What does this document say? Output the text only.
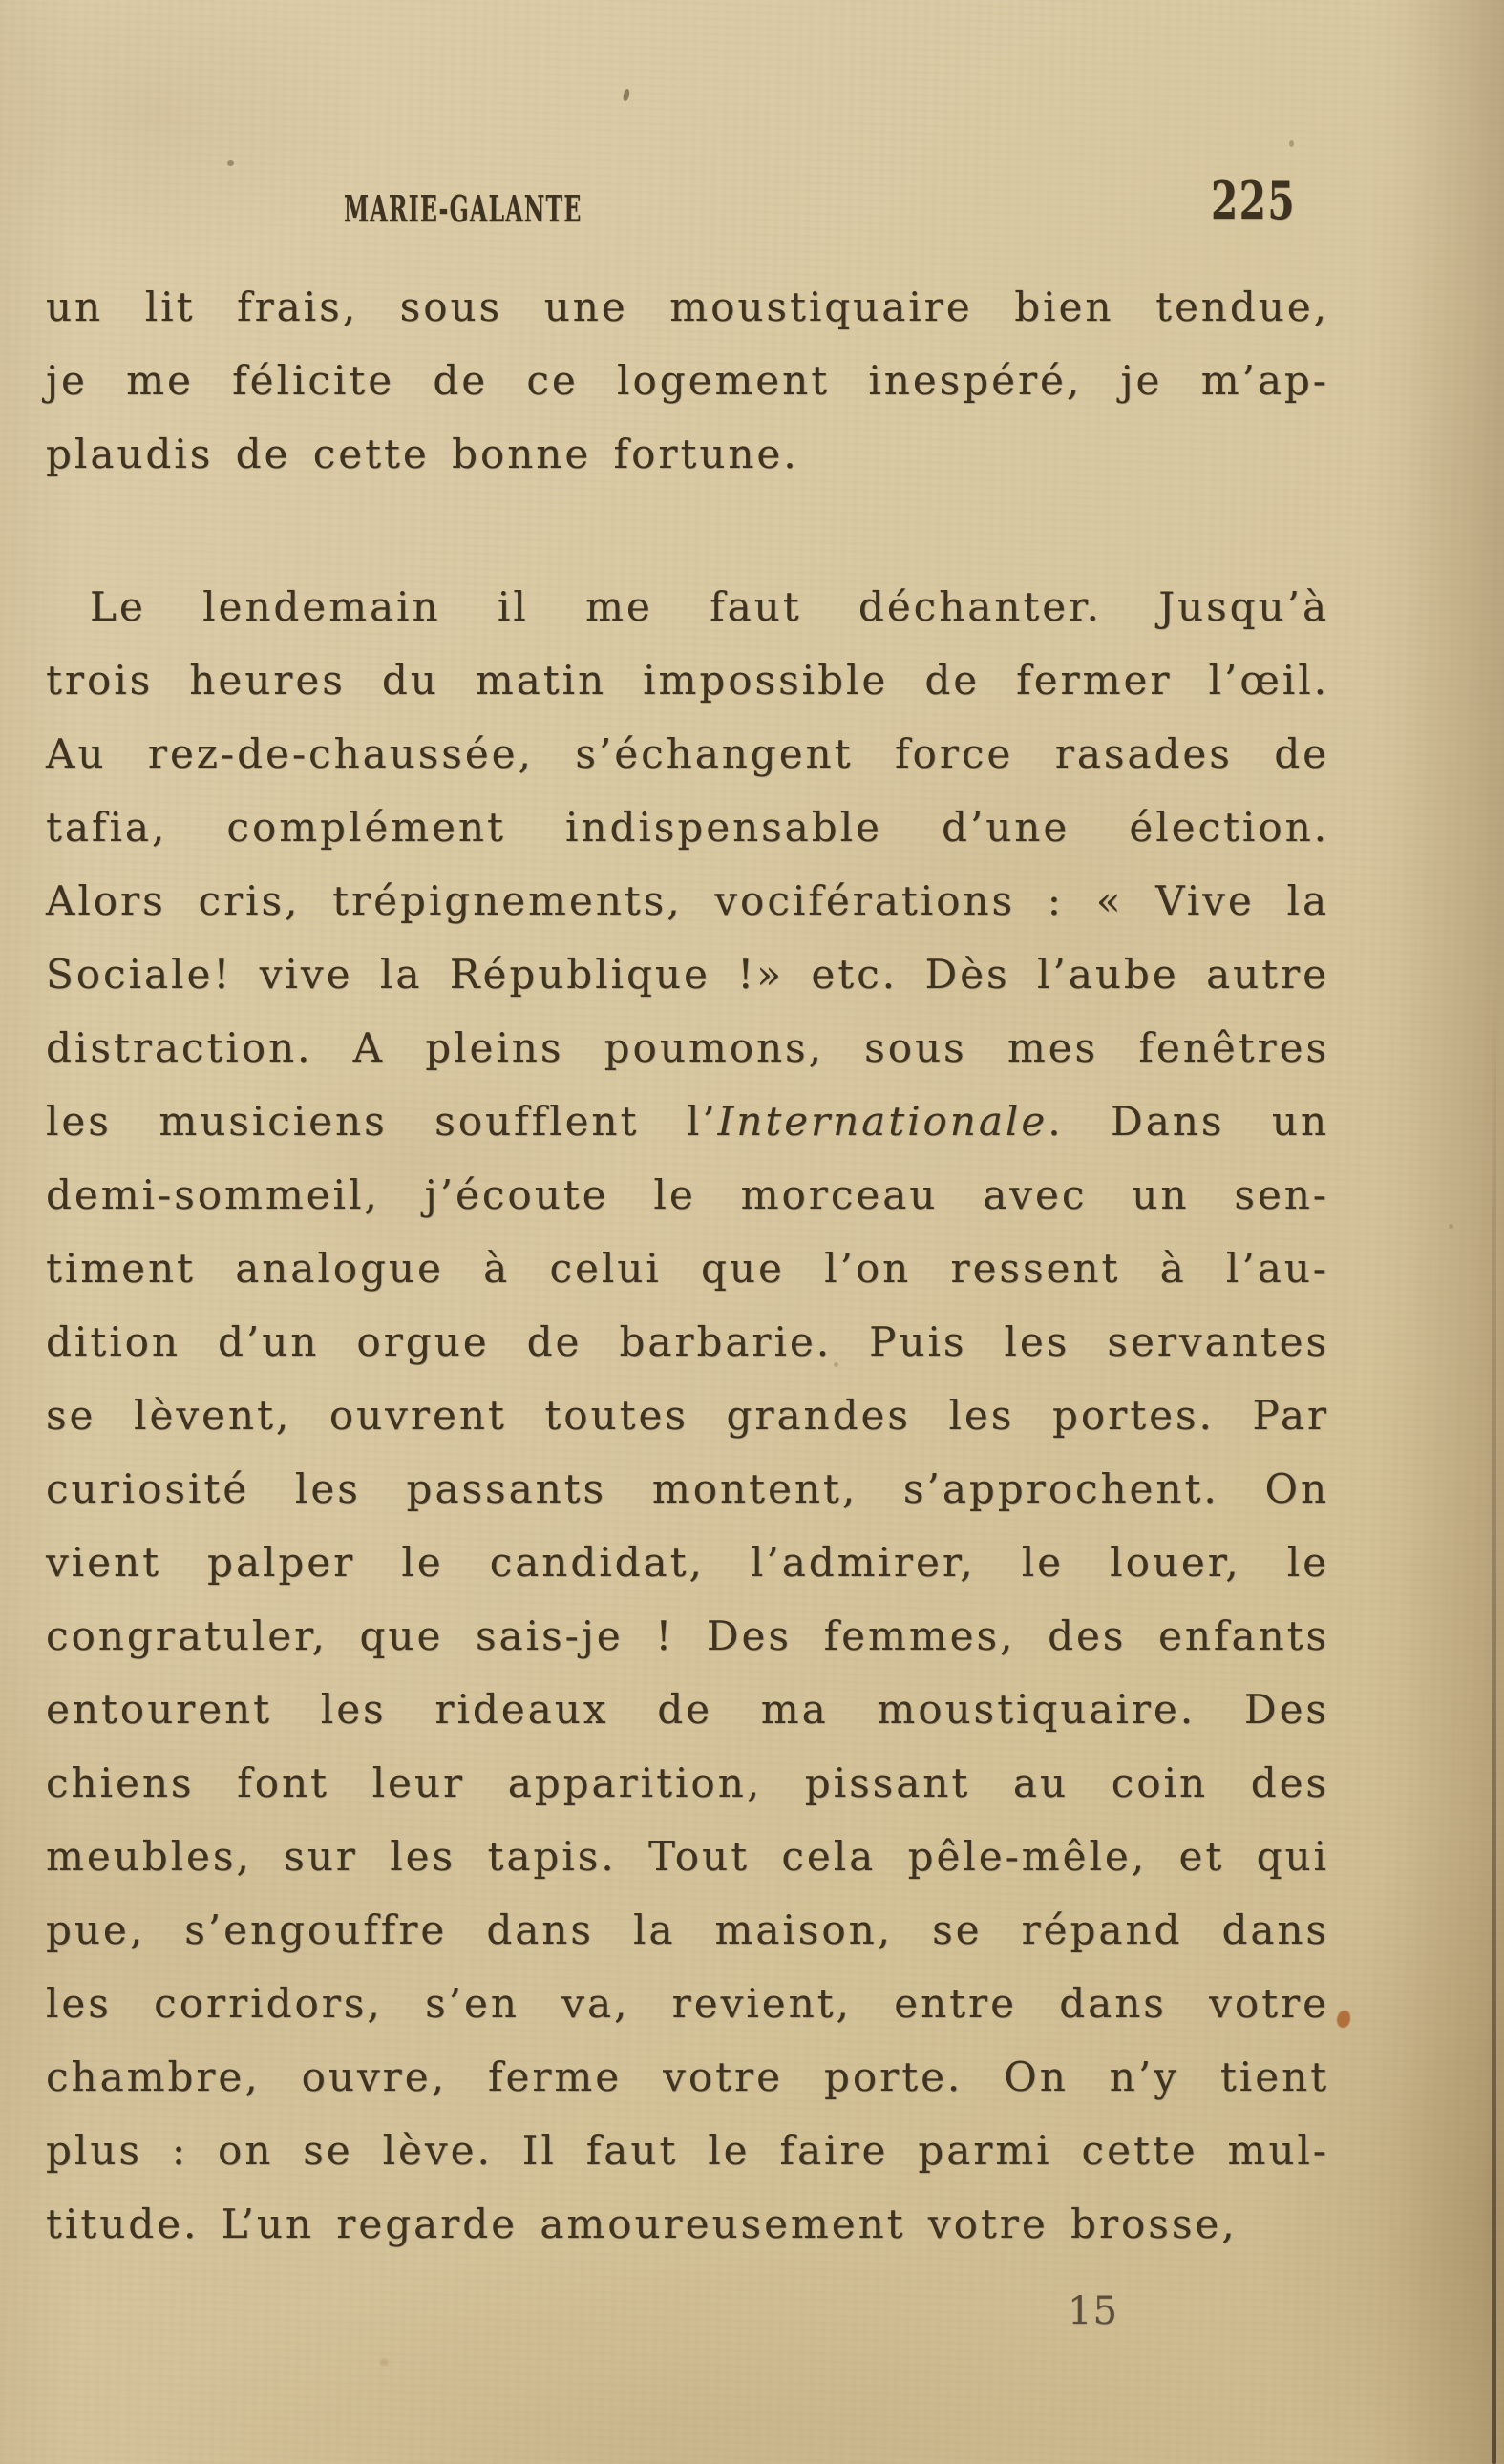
MARIE-GALANTE	225
un lit frais, sous une moustiquaire bien tendue,
je me félicite de ce logement inespéré, je m’ap-
plaudis de cette bonne fortune.
Le lendemain il me faut déchanter. Jusqu’à
trois heures du matin impossible de fermer l’œil.
Au rez-de-chaussée, s’échangent force rasades de
tafia, complément indispensable d’une élection.
Alors cris, trépignements, vociférations : « Vive la
Sociale! vive la République !» etc. Dès l’aube autre
distraction. A pleins poumons, sous mes fenêtres
les musiciens soufflent l’Internationale. Dans un
demi-sommeil, j’écoute le morceau avec un sen-
timent analogue à celui que l’on ressent à l’au-
dition d’un orgue de barbarie. Puis les servantes
se lèvent, ouvrent toutes grandes les portes. Par
curiosité les passants montent, s’approchent. On
vient palper le candidat, l’admirer, le louer, le
congratuler, que sais-je ! Des femmes, des enfants
entourent les rideaux de ma moustiquaire. Des
chiens font leur apparition, pissant au coin des
meubles, sur les tapis. Tout cela pêle-mêle, et qui
pue, s’engouffre dans la maison, se répand dans
les corridors, s’en va, revient, entre dans votre
chambre, ouvre, ferme votre porte. On n’y tient
plus : on se lève. Il faut le faire parmi cette mul-
titude. L’un regarde amoureusement votre brosse,
15
